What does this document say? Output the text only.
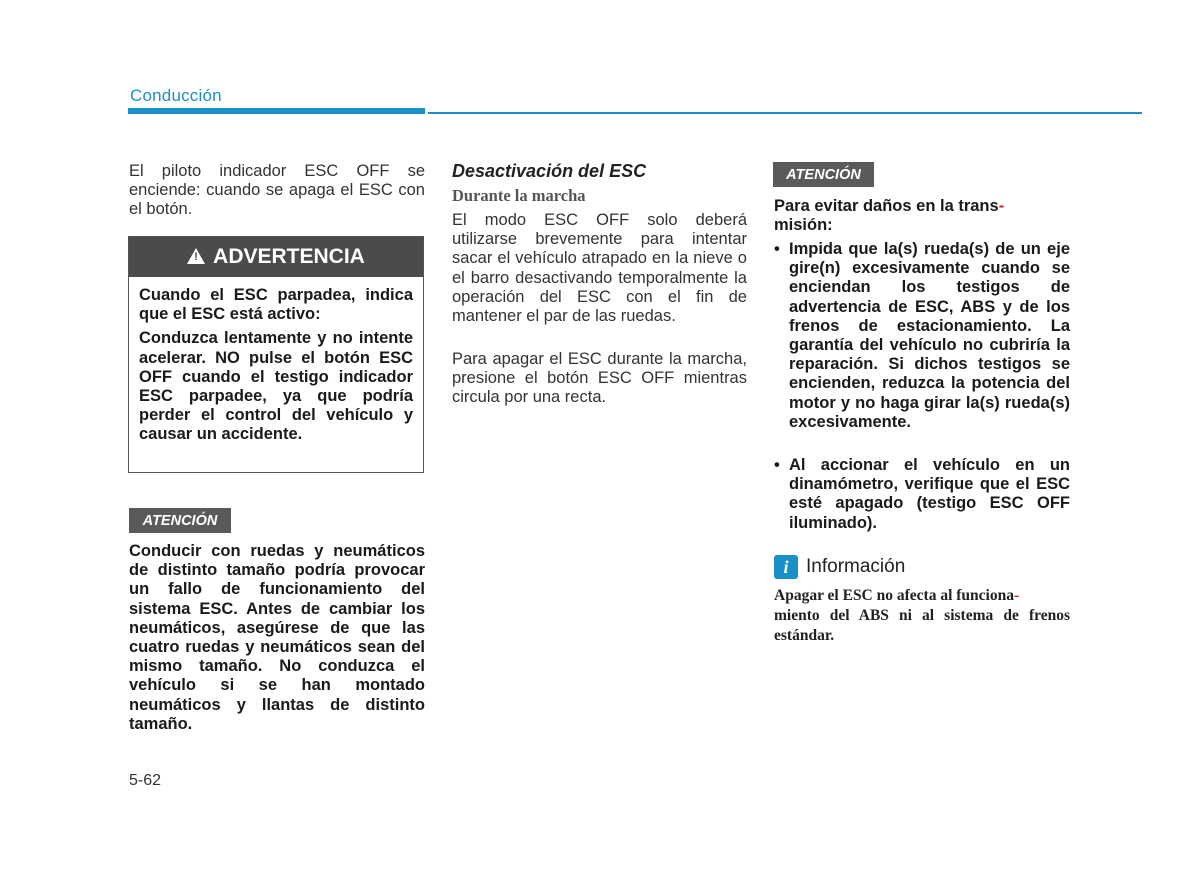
Conducción

El piloto indicador ESC OFF se enciende: cuando se apaga el ESC con el botón.

!
ADVERTENCIA

Cuando el ESC parpadea, indica que el ESC está activo:

Conduzca lentamente y no intente acelerar. NO pulse el botón ESC OFF cuando el testigo indicador ESC parpadee, ya que podría perder el control del vehículo y causar un accidente.

ATENCIÓN

Conducir con ruedas y neumáticos de distinto tamaño podría provocar un fallo de funcionamiento del sistema ESC. Antes de cambiar los neumáticos, asegúrese de que las cuatro ruedas y neumáticos sean del mismo tamaño. No conduzca el vehículo si se han montado neumáticos y llantas de distinto tamaño.

5-62
Desactivación del ESC
Durante la marcha

El modo ESC OFF solo deberá utilizarse brevemente para intentar sacar el vehículo atrapado en la nieve o el barro desactivando temporalmente la operación del ESC con el fin de mantener el par de las ruedas.

Para apagar el ESC durante la marcha, presione el botón ESC OFF mientras circula por una recta.

ATENCIÓN

Para evitar daños en la trans-
misión:

• Impida que la(s) rueda(s) de un eje gire(n) excesivamente cuando se enciendan los testigos de advertencia de ESC, ABS y de los frenos de estacionamiento. La garantía del vehículo no cubriría la reparación. Si dichos testigos se encienden, reduzca la potencia del motor y no haga girar la(s) rueda(s) excesivamente.
• Al accionar el vehículo en un dinamómetro, verifique que el ESC esté apagado (testigo ESC OFF iluminado).
i Información

Apagar el ESC no afecta al funciona-
miento del ABS ni al sistema de frenos estándar.
